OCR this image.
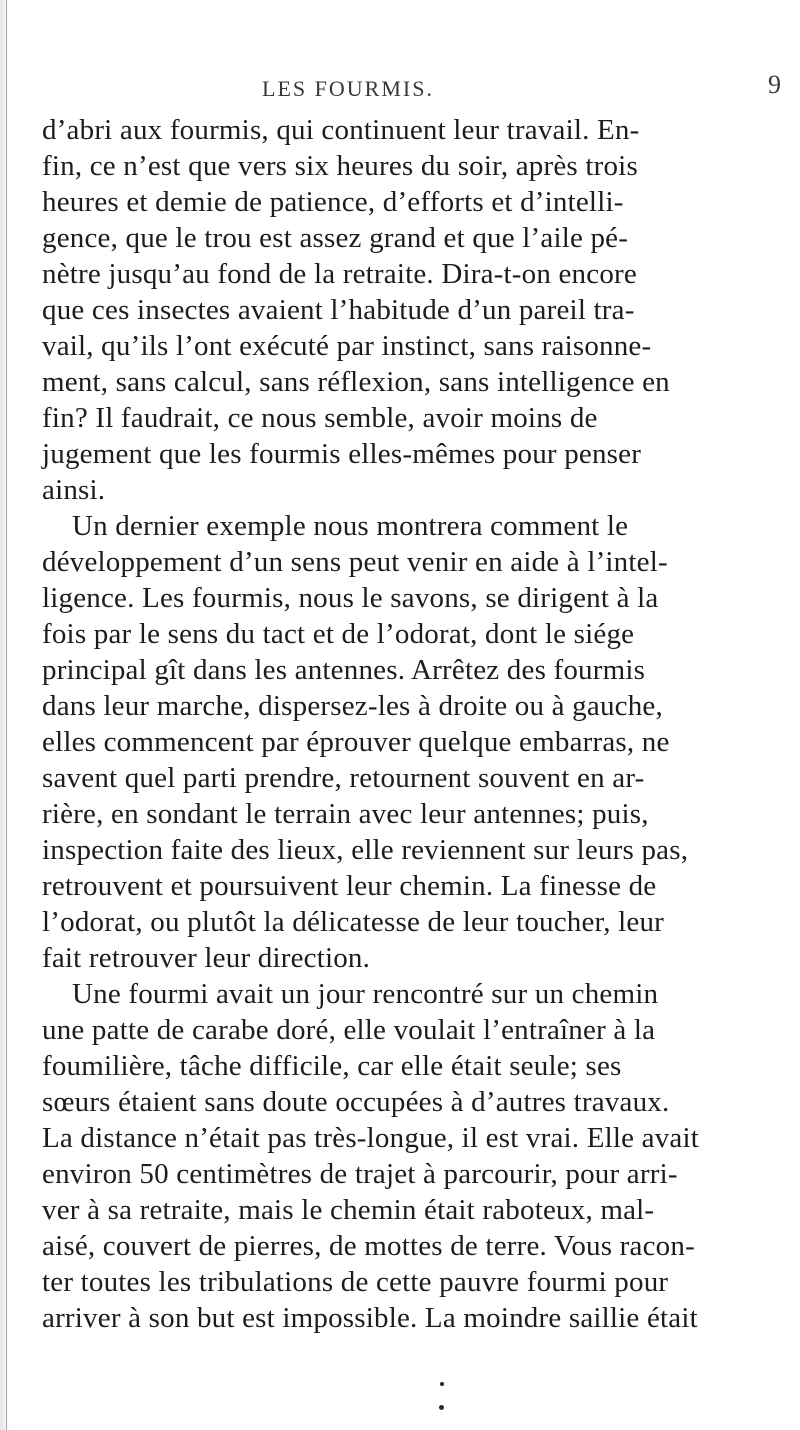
LES FOURMIS.	9
d’abri aux fourmis, qui continuent leur travail. En-
fin, ce n’est que vers six heures du soir, après trois
heures et demie de patience, d’efforts et d’intelli-
gence, que le trou est assez grand et que l’aile pé-
nètre jusqu’au fond de la retraite. Dira-t-on encore
que ces insectes avaient l’habitude d’un pareil tra-
vail, qu’ils l’ont exécuté par instinct, sans raisonne-
ment, sans calcul, sans réflexion, sans intelligence en
fin? Il faudrait, ce nous semble, avoir moins de
jugement que les fourmis elles-mêmes pour penser
ainsi.
Un dernier exemple nous montrera comment le
développement d’un sens peut venir en aide à l’intel-
ligence. Les fourmis, nous le savons, se dirigent à la
fois par le sens du tact et de l’odorat, dont le siége
principal gît dans les antennes. Arrêtez des fourmis
dans leur marche, dispersez-les à droite ou à gauche,
elles commencent par éprouver quelque embarras, ne
savent quel parti prendre, retournent souvent en ar-
rière, en sondant le terrain avec leur antennes; puis,
inspection faite des lieux, elle reviennent sur leurs pas,
retrouvent et poursuivent leur chemin. La finesse de
l’odorat, ou plutôt la délicatesse de leur toucher, leur
fait retrouver leur direction.
Une fourmi avait un jour rencontré sur un chemin
une patte de carabe doré, elle voulait l’entraîner à la
foumilière, tâche difficile, car elle était seule; ses
sœurs étaient sans doute occupées à d’autres travaux.
La distance n’était pas très-longue, il est vrai. Elle avait
environ 50 centimètres de trajet à parcourir, pour arri-
ver à sa retraite, mais le chemin était raboteux, mal-
aisé, couvert de pierres, de mottes de terre. Vous racon-
ter toutes les tribulations de cette pauvre fourmi pour
arriver à son but est impossible. La moindre saillie était
